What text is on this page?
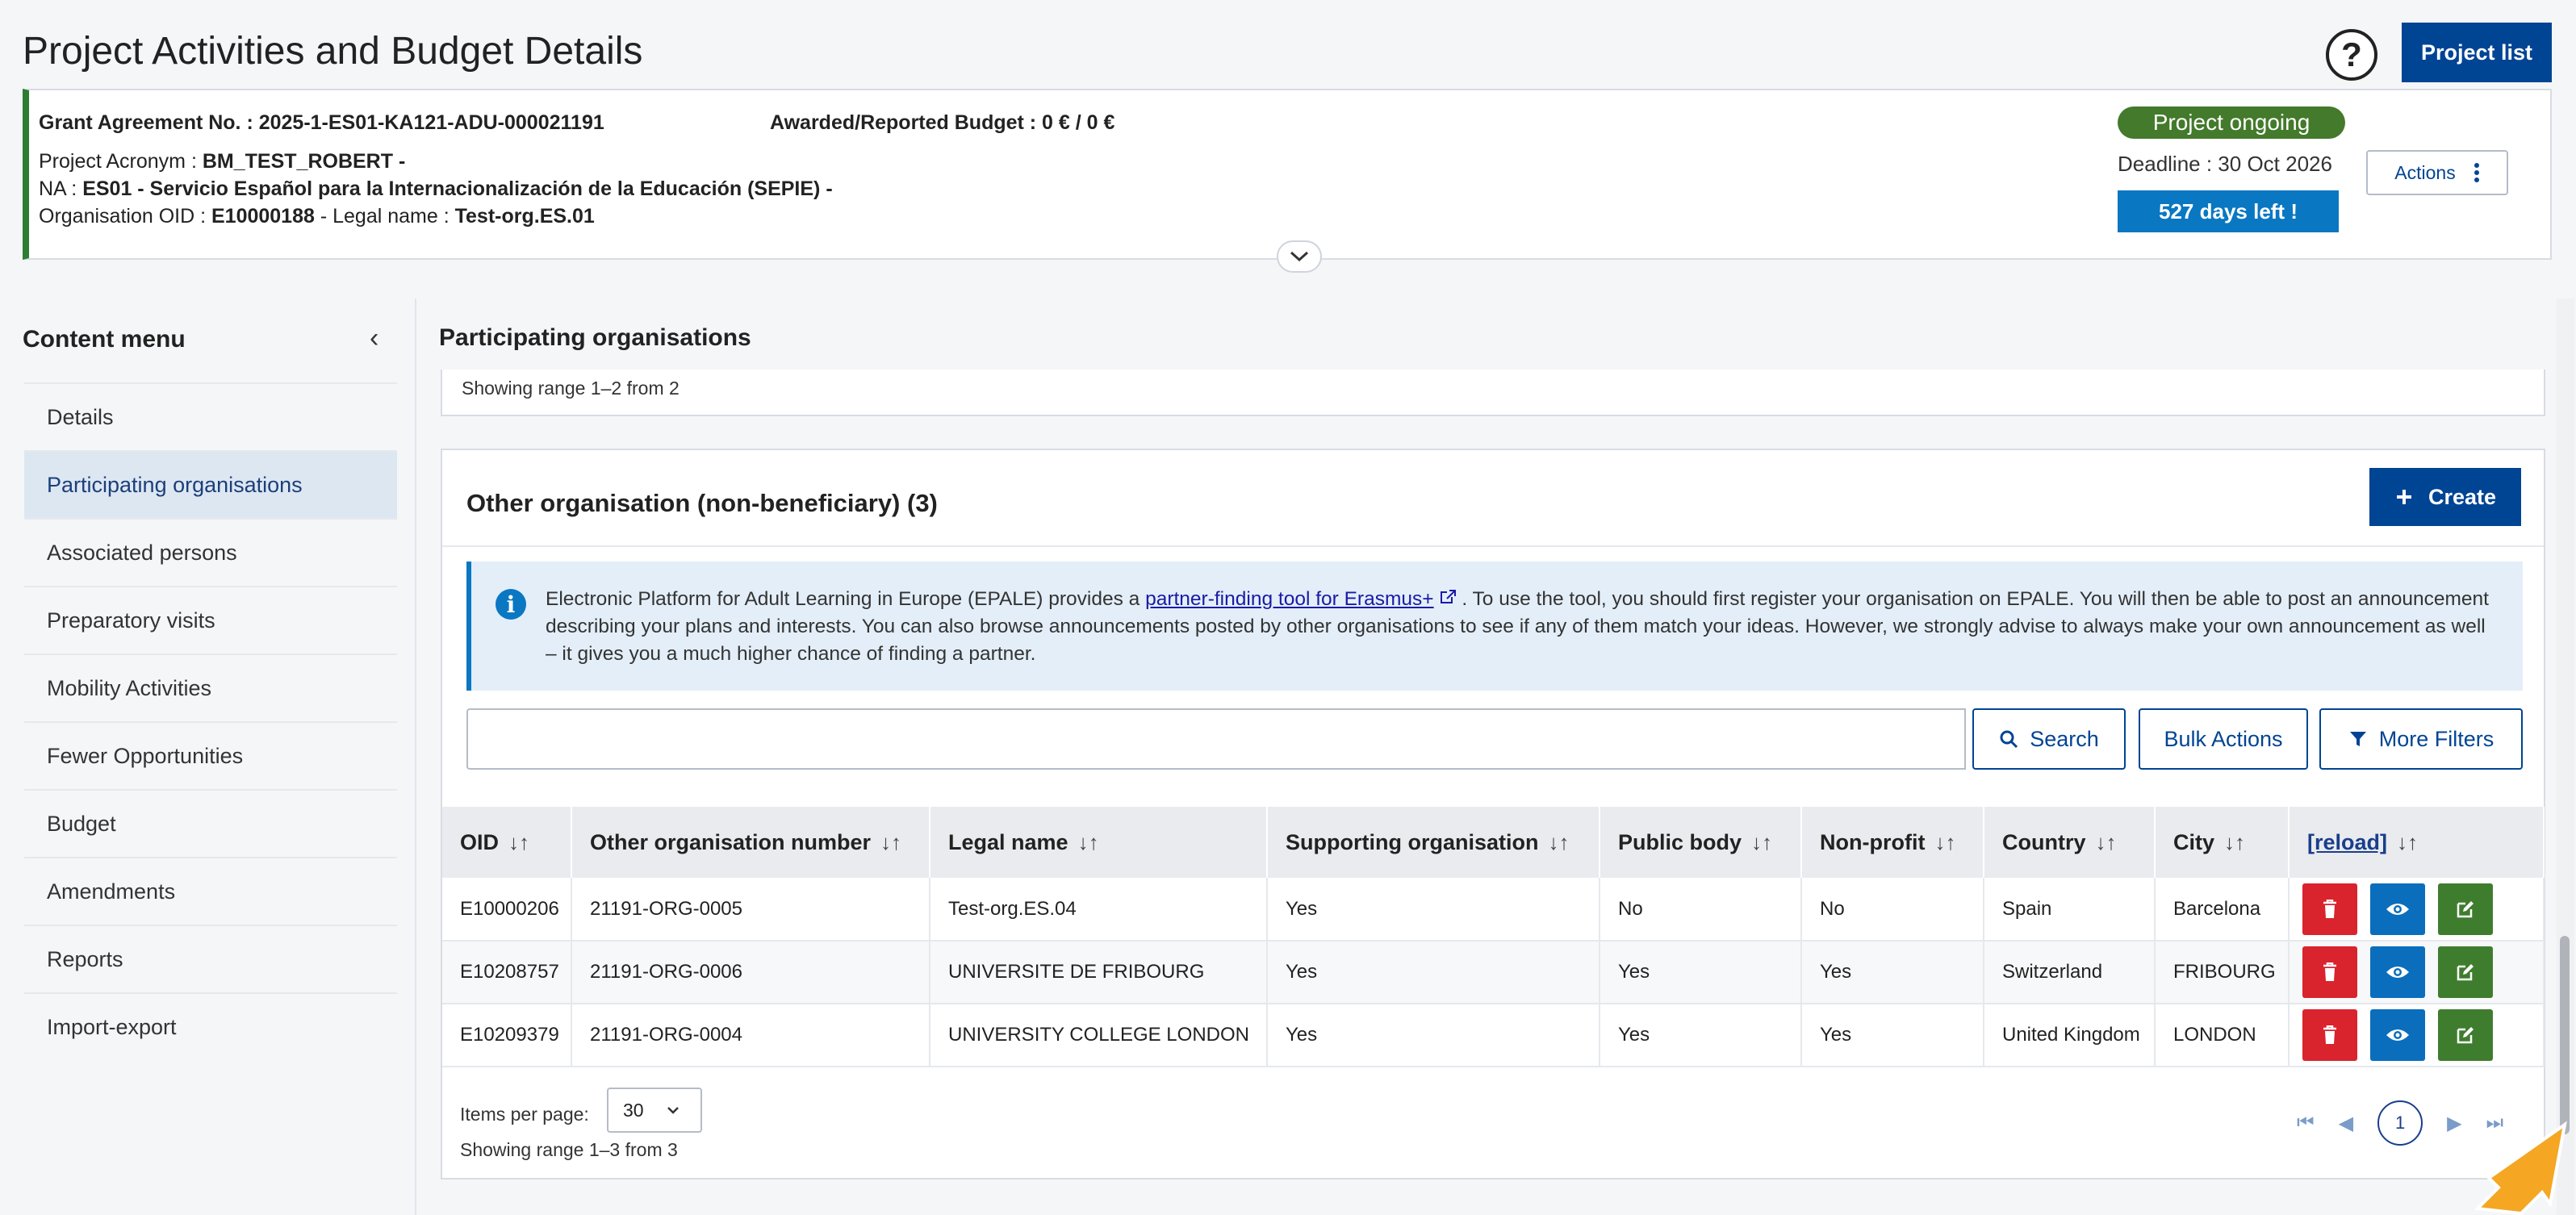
Project Activities and Budget Details	?	Project list
Grant Agreement No. : 2025-1-ES01-KA121-ADU-000021191	Awarded/Reported Budget : 0 € / 0 €
Project Acronym : BM_TEST_ROBERT -
NA : ES01 - Servicio Español para la Internacionalización de la Educación (SEPIE) -
Organisation OID : E10000188 - Legal name : Test-org.ES.01
Project ongoing
Deadline : 30 Oct 2026
527 days left !
Actions
Content menu	‹
Details
Participating organisations
Associated persons
Preparatory visits
Mobility Activities
Fewer Opportunities
Budget
Amendments
Reports
Import-export
Participating organisations
Showing range 1–2 from 2
Other organisation (non-beneficiary) (3)	Create
i	Electronic Platform for Adult Learning in Europe (EPALE) provides a partner-finding tool for Erasmus+ . To use the tool, you should first register your organisation on EPALE. You will then be able to post an announcement describing your plans and interests. You can also browse announcements posted by other organisations to see if any of them match your ideas. However, we strongly advise to always make your own announcement as well – it gives you a much higher chance of finding a partner.
Search	Bulk Actions	More Filters
OID ↓↑	Other organisation number ↓↑	Legal name ↓↑	Supporting organisation ↓↑	Public body ↓↑	Non-profit ↓↑	Country ↓↑	City ↓↑	[reload] ↓↑
E10000206	21191-ORG-0005	Test-org.ES.04	Yes	No	No	Spain	Barcelona	

E10208757	21191-ORG-0006	UNIVERSITE DE FRIBOURG	Yes	Yes	Yes	Switzerland	FRIBOURG	

E10209379	21191-ORG-0004	UNIVERSITY COLLEGE LONDON	Yes	Yes	Yes	United Kingdom	LONDON	
Items per page: 30
Showing range 1–3 from 3
⏮ ◀	1	▶ ⏭
